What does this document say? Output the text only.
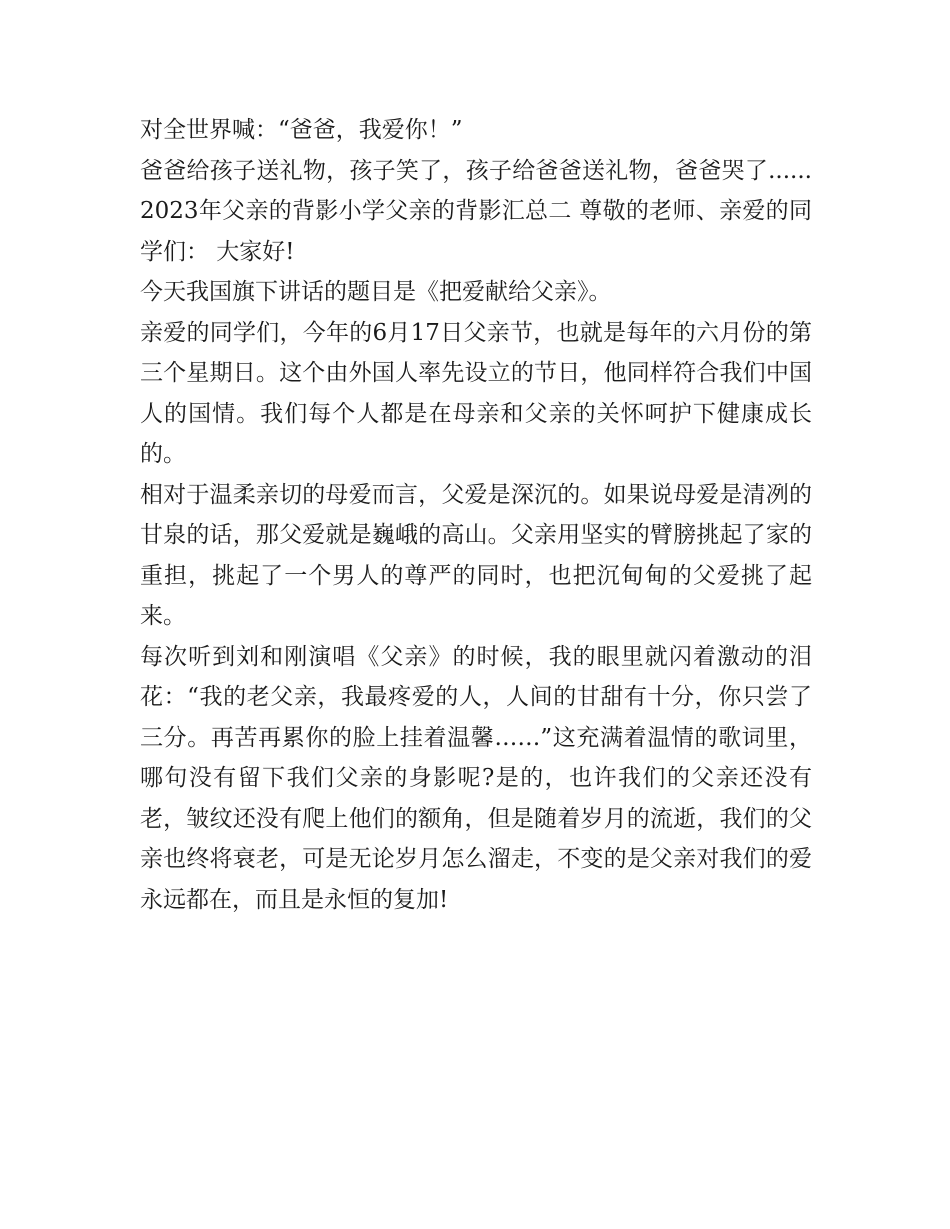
对全世界喊：“爸爸，我爱你！”

爸爸给孩子送礼物，孩子笑了，孩子给爸爸送礼物，爸爸哭了...... 2023年父亲的背影小学父亲的背影汇总二 尊敬的老师、亲爱的同学们： 大家好!

今天我国旗下讲话的题目是《把爱献给父亲》。

亲爱的同学们，今年的6月17日父亲节，也就是每年的六月份的第三个星期日。这个由外国人率先设立的节日，他同样符合我们中国人的国情。我们每个人都是在母亲和父亲的关怀呵护下健康成长的。

相对于温柔亲切的母爱而言，父爱是深沉的。如果说母爱是清冽的甘泉的话，那父爱就是巍峨的高山。父亲用坚实的臂膀挑起了家的重担，挑起了一个男人的尊严的同时，也把沉甸甸的父爱挑了起来。

每次听到刘和刚演唱《父亲》的时候，我的眼里就闪着激动的泪花：“我的老父亲，我最疼爱的人，人间的甘甜有十分，你只尝了三分。再苦再累你的脸上挂着温馨……”这充满着温情的歌词里，哪句没有留下我们父亲的身影呢?是的，也许我们的父亲还没有老，皱纹还没有爬上他们的额角，但是随着岁月的流逝，我们的父亲也终将衰老，可是无论岁月怎么溜走，不变的是父亲对我们的爱永远都在，而且是永恒的复加!
